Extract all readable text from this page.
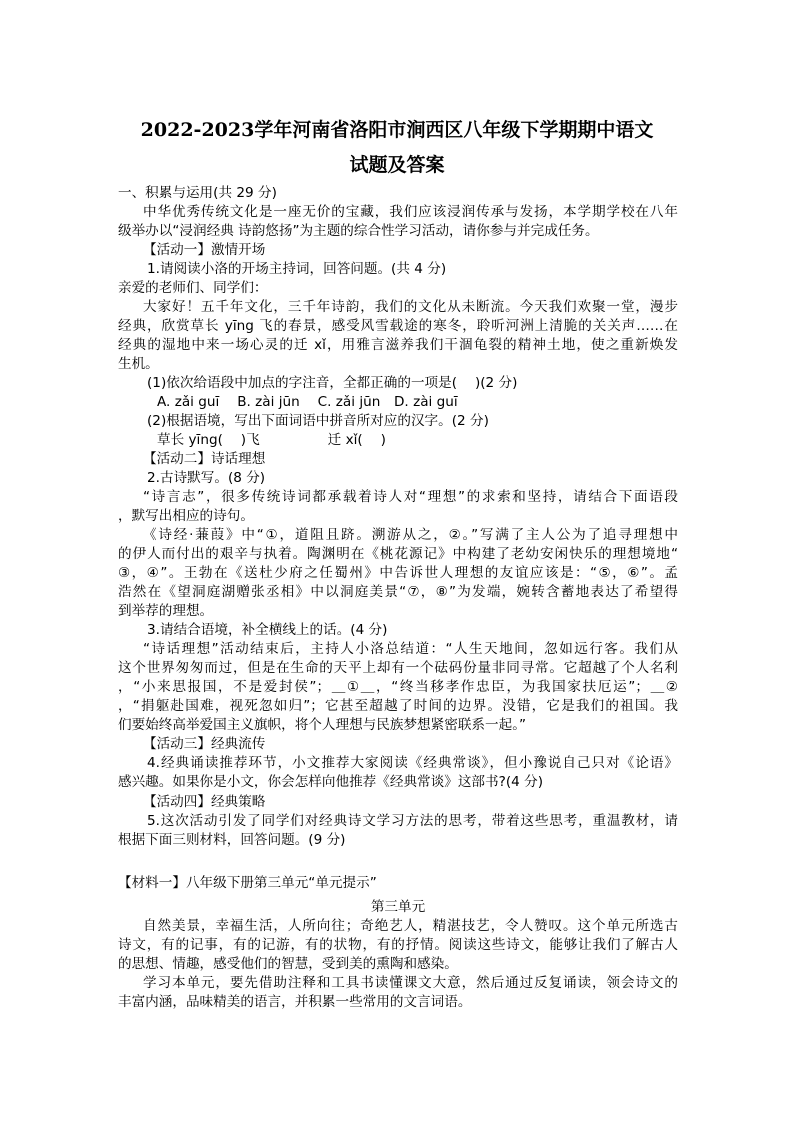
2022-2023学年河南省洛阳市涧西区八年级下学期期中语文
试题及答案
一、积累与运用(共 29 分)
中华优秀传统文化是一座无价的宝藏，我们应该浸润传承与发扬，本学期学校在八年
级举办以“浸润经典 诗韵悠扬”为主题的综合性学习活动，请你参与并完成任务。
【活动一】激情开场
1.请阅读小洛的开场主持词，回答问题。(共 4 分)
亲爱的老师们、同学们：
大家好！五千年文化，三千年诗韵，我们的文化从未断流。今天我们欢聚一堂，漫步
经典，欣赏草长 yīng 飞的春景，感受风雪载途的寒冬，聆听河洲上清脆的关关声……在
经典的湿地中来一场心灵的迁 xǐ，用雅言滋养我们干涸龟裂的精神土地，使之重新焕发
生机。
(1)依次给语段中加点的字注音，全都正确的一项是(　 )(2 分)
A. zǎi guī　 B. zài jūn　 C. zǎi jūn　D. zài guī
(2)根据语境，写出下面词语中拼音所对应的汉字。(2 分)
草长 yīng(　 )飞　　　　　迁 xǐ(　 )
【活动二】诗话理想
2.古诗默写。(8 分)
“诗言志”，很多传统诗词都承载着诗人对“理想”的求索和坚持，请结合下面语段
，默写出相应的诗句。
《诗经·蒹葭》中“①，道阻且跻。溯游从之，②。”写满了主人公为了追寻理想中
的伊人而付出的艰辛与执着。陶渊明在《桃花源记》中构建了老幼安闲快乐的理想境地“
③，④”。王勃在《送杜少府之任蜀州》中告诉世人理想的友谊应该是：“⑤，⑥”。孟
浩然在《望洞庭湖赠张丞相》中以洞庭美景“⑦，⑧”为发端，婉转含蓄地表达了希望得
到举荐的理想。
3.请结合语境，补全横线上的话。(4 分)
“诗话理想”活动结束后，主持人小洛总结道：“人生天地间，忽如远行客。我们从
这个世界匆匆而过，但是在生命的天平上却有一个砝码份量非同寻常。它超越了个人名利
，“小来思报国，不是爱封侯”；＿①＿，“终当移孝作忠臣，为我国家扶厄运”；＿②
，“捐躯赴国难，视死忽如归”；它甚至超越了时间的边界。没错，它是我们的祖国。我
们要始终高举爱国主义旗帜，将个人理想与民族梦想紧密联系一起。”
【活动三】经典流传
4.经典诵读推荐环节，小文推荐大家阅读《经典常谈》，但小豫说自己只对《论语》
感兴趣。如果你是小文，你会怎样向他推荐《经典常谈》这部书?(4 分)
【活动四】经典策略
5.这次活动引发了同学们对经典诗文学习方法的思考，带着这些思考，重温教材，请
根据下面三则材料，回答问题。(9 分)
【材料一】八年级下册第三单元“单元提示”
第三单元
自然美景，幸福生活，人所向往；奇绝艺人，精湛技艺，令人赞叹。这个单元所选古
诗文，有的记事，有的记游，有的状物，有的抒情。阅读这些诗文，能够让我们了解古人
的思想、情趣，感受他们的智慧，受到美的熏陶和感染。
学习本单元，要先借助注释和工具书读懂课文大意，然后通过反复诵读，领会诗文的
丰富内涵，品味精美的语言，并积累一些常用的文言词语。
